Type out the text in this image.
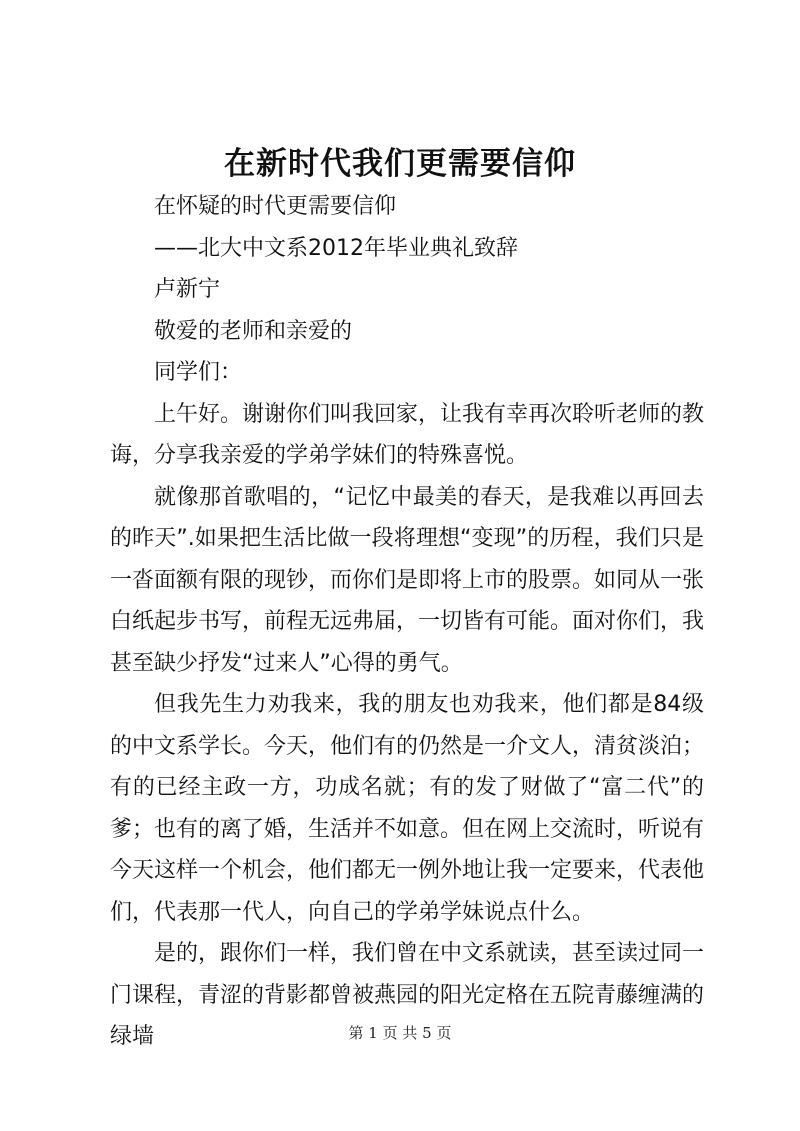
在新时代我们更需要信仰

在怀疑的时代更需要信仰

——北大中文系2012年毕业典礼致辞

卢新宁

敬爱的老师和亲爱的

同学们：

上午好。谢谢你们叫我回家，让我有幸再次聆听老师的教诲，分享我亲爱的学弟学妹们的特殊喜悦。

就像那首歌唱的，“记忆中最美的春天，是我难以再回去的昨天”.如果把生活比做一段将理想“变现”的历程，我们只是一沓面额有限的现钞，而你们是即将上市的股票。如同从一张白纸起步书写，前程无远弗届，一切皆有可能。面对你们，我甚至缺少抒发“过来人”心得的勇气。

但我先生力劝我来，我的朋友也劝我来，他们都是84级的中文系学长。今天，他们有的仍然是一介文人，清贫淡泊；有的已经主政一方，功成名就；有的发了财做了“富二代”的爹；也有的离了婚，生活并不如意。但在网上交流时，听说有今天这样一个机会，他们都无一例外地让我一定要来，代表他们，代表那一代人，向自己的学弟学妹说点什么。

是的，跟你们一样，我们曾在中文系就读，甚至读过同一门课程，青涩的背影都曾被燕园的阳光定格在五院青藤缠满的绿墙	第 1 页 共 5 页
